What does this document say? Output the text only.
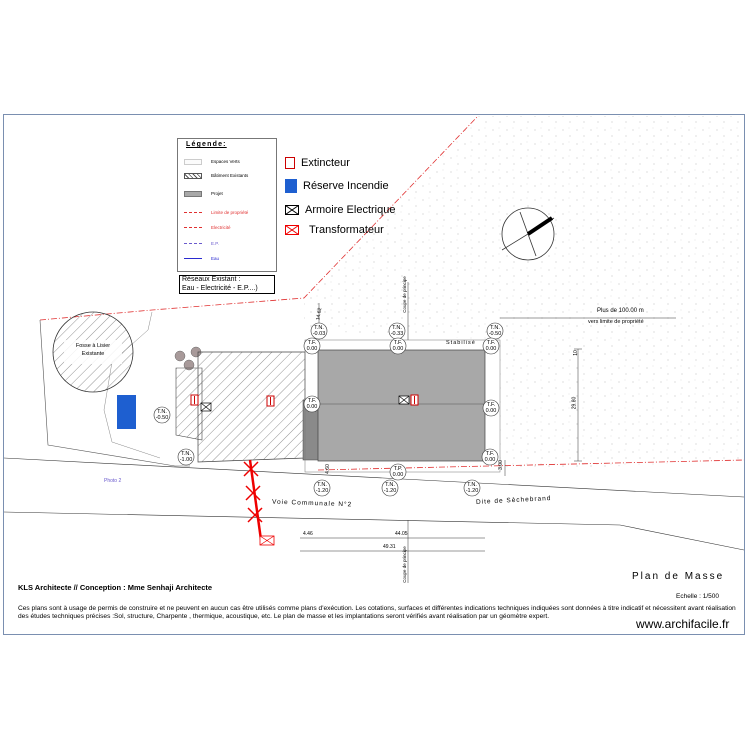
Légende:
Espaces Verts
Bâtiment Existants
Projet
Limite de propriété
Electricité
E.P.
Eau
Réseaux Existant :
Eau - Electricité - E.P....)
Extincteur
Réserve Incendie
Armoire Electrique
Transformateur
Fosse à Lisier Existante
Stabilisé
Plus de 100.00 m
vers limite de propriété
Voie Communale N°2	Dite de Sèchebrand
Photo 2
29.80
44.05
49.31
4.46
14.62
4.60	3.00
10
Coupe de principe
Coupe de principe
T.N.
-0.03
T.N.
-0.33
T.N.
-0.50
T.F.
0.00
T.F.
0.00
T.F.
0.00
T.N.
-0.50
T.F.
0.00
T.N.
-1.00
T.F.
0.00
T.P.
0.00
T.F.
0.00
T.N.
-1.20
T.N.
-1.20
T.N.
-1.20
KLS Architecte // Conception : Mme Senhaji Architecte
Plan de Masse
Echelle : 1/500
Ces plans sont à usage de permis de construire et ne peuvent en aucun cas être utilisés comme plans d'exécution. Les cotations, surfaces et différentes indications techniques indiquées sont données à titre indicatif et nécessitent avant réalisation des études techniques précises :Sol, structure, Charpente , thermique, acoustique, etc. Le plan de masse et les implantations seront vérifiés avant réalisation par un géomètre expert.
www.archifacile.fr
